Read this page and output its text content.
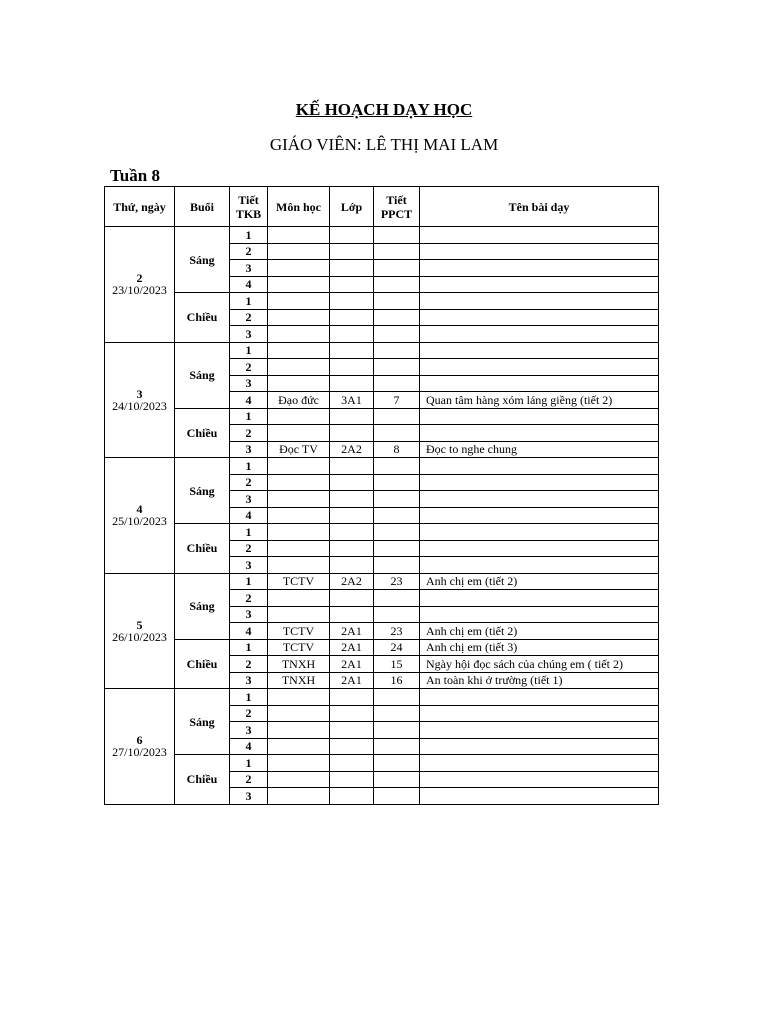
KẾ HOẠCH DẠY HỌC
GIÁO VIÊN: LÊ THỊ MAI LAM
Tuần 8
Thứ, ngày	Buổi	Tiết TKB	Môn học	Lớp	Tiết PPCT	Tên bài dạy
2
23/10/2023	Sáng	1				
		2				
		3				
		4				
	Chiều	1				
		2				
		3				
3
24/10/2023	Sáng	1				
		2				
		3				
		4	Đạo đức	3A1	7	Quan tâm hàng xóm láng giềng (tiết 2)
	Chiều	1				
		2				
		3	Đọc TV	2A2	8	Đọc to nghe chung
4
25/10/2023	Sáng	1				
		2				
		3				
		4				
	Chiều	1				
		2				
		3				
5
26/10/2023	Sáng	1	TCTV	2A2	23	Anh chị em (tiết 2)
		2				
		3				
		4	TCTV	2A1	23	Anh chị em (tiết 2)
	Chiều	1	TCTV	2A1	24	Anh chị em (tiết 3)
		2	TNXH	2A1	15	Ngày hội đọc sách của chúng em ( tiết 2)
		3	TNXH	2A1	16	An toàn khi ở trường (tiết 1)
6
27/10/2023	Sáng	1				
		2				
		3				
		4				
	Chiều	1				
		2				
		3				
